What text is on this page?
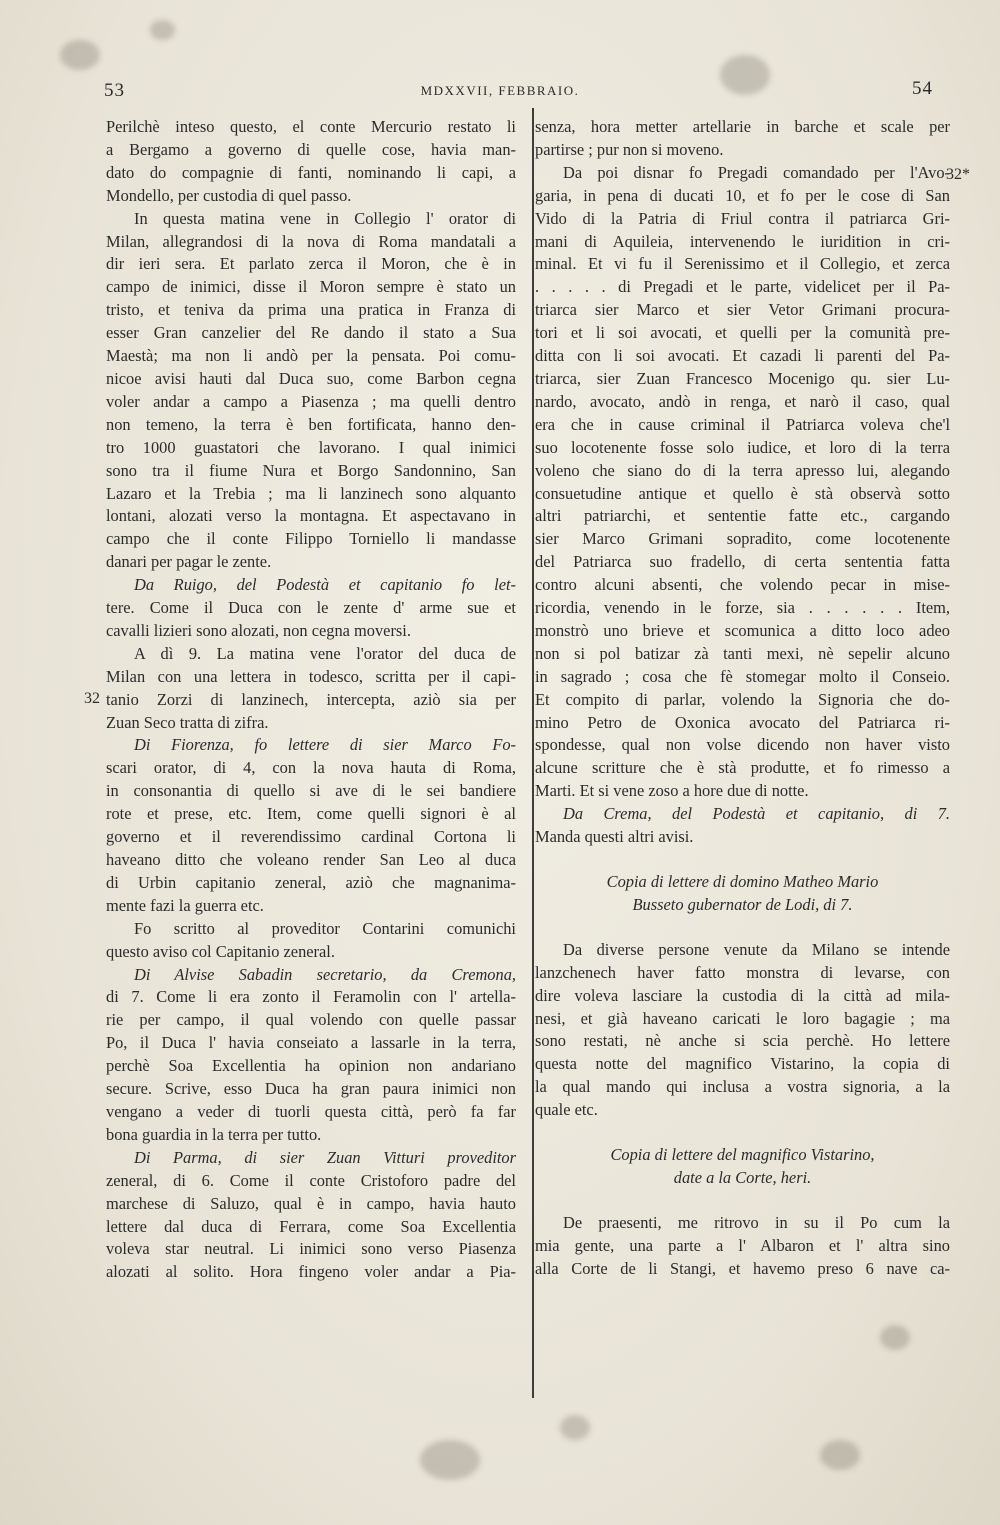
53	MDXXVII, FEBBRAIO.	54
32
32*

Perilchè inteso questo, el conte Mercurio restato li

a Bergamo a governo di quelle cose, havia man-

dato do compagnie di fanti, nominando li capi, a

Mondello, per custodia di quel passo.

In questa matina vene in Collegio l' orator di

Milan, allegrandosi di la nova di Roma mandatali a

dir ieri sera. Et parlato zerca il Moron, che è in

campo de inimici, disse il Moron sempre è stato un

tristo, et teniva da prima una pratica in Franza di

esser Gran canzelier del Re dando il stato a Sua

Maestà; ma non li andò per la pensata. Poi comu-

nicoe avisi hauti dal Duca suo, come Barbon cegna

voler andar a campo a Piasenza ; ma quelli dentro

non temeno, la terra è ben fortificata, hanno den-

tro 1000 guastatori che lavorano. I qual inimici

sono tra il fiume Nura et Borgo Sandonnino, San

Lazaro et la Trebia ; ma li lanzinech sono alquanto

lontani, alozati verso la montagna. Et aspectavano in

campo che il conte Filippo Torniello li mandasse

danari per pagar le zente.

Da Ruigo, del Podestà et capitanio fo let-

tere. Come il Duca con le zente d' arme sue et

cavalli lizieri sono alozati, non cegna moversi.

A dì 9. La matina vene l'orator del duca de

Milan con una lettera in todesco, scritta per il capi-

tanio Zorzi di lanzinech, intercepta, aziò sia per

Zuan Seco tratta di zifra.

Di Fiorenza, fo lettere di sier Marco Fo-

scari orator, di 4, con la nova hauta di Roma,

in consonantia di quello si ave di le sei bandiere

rote et prese, etc. Item, come quelli signori è al

governo et il reverendissimo cardinal Cortona li

haveano ditto che voleano render San Leo al duca

di Urbin capitanio zeneral, aziò che magnanima-

mente fazi la guerra etc.

Fo scritto al proveditor Contarini comunichi

questo aviso col Capitanio zeneral.

Di Alvise Sabadin secretario, da Cremona,

di 7. Come li era zonto il Feramolin con l' artella-

rie per campo, il qual volendo con quelle passar

Po, il Duca l' havia conseiato a lassarle in la terra,

perchè Soa Excellentia ha opinion non andariano

secure. Scrive, esso Duca ha gran paura inimici non

vengano a veder di tuorli questa città, però fa far

bona guardia in la terra per tutto.

Di Parma, di sier Zuan Vitturi proveditor

zeneral, di 6. Come il conte Cristoforo padre del

marchese di Saluzo, qual è in campo, havia hauto

lettere dal duca di Ferrara, come Soa Excellentia

voleva star neutral. Li inimici sono verso Piasenza

alozati al solito. Hora fingeno voler andar a Pia-

senza, hora metter artellarie in barche et scale per

partirse ; pur non si moveno.

Da poi disnar fo Pregadi comandado per l'Avo-

garia, in pena di ducati 10, et fo per le cose di San

Vido di la Patria di Friul contra il patriarca Gri-

mani di Aquileia, intervenendo le iuridition in cri-

minal. Et vi fu il Serenissimo et il Collegio, et zerca

. . . . . di Pregadi et le parte, videlicet per il Pa-

triarca sier Marco et sier Vetor Grimani procura-

tori et li soi avocati, et quelli per la comunità pre-

ditta con li soi avocati. Et cazadi li parenti del Pa-

triarca, sier Zuan Francesco Mocenigo qu. sier Lu-

nardo, avocato, andò in renga, et narò il caso, qual

era che in cause criminal il Patriarca voleva che'l

suo locotenente fosse solo iudice, et loro di la terra

voleno che siano do di la terra apresso lui, alegando

consuetudine antique et quello è stà observà sotto

altri patriarchi, et sententie fatte etc., cargando

sier Marco Grimani sopradito, come locotenente

del Patriarca suo fradello, di certa sententia fatta

contro alcuni absenti, che volendo pecar in mise-

ricordia, venendo in le forze, sia . . . . . . Item,

monstrò uno brieve et scomunica a ditto loco adeo

non si pol batizar zà tanti mexi, nè sepelir alcuno

in sagrado ; cosa che fè stomegar molto il Conseio.

Et compito di parlar, volendo la Signoria che do-

mino Petro de Oxonica avocato del Patriarca ri-

spondesse, qual non volse dicendo non haver visto

alcune scritture che è stà produtte, et fo rimesso a

Marti. Et si vene zoso a hore due di notte.

Da Crema, del Podestà et capitanio, di 7.

Manda questi altri avisi.

Copia di lettere di domino Matheo Mario

Busseto gubernator de Lodi, di 7.

Da diverse persone venute da Milano se intende

lanzchenech haver fatto monstra di levarse, con

dire voleva lasciare la custodia di la città ad mila-

nesi, et già haveano caricati le loro bagagie ; ma

sono restati, nè anche si scia perchè. Ho lettere

questa notte del magnifico Vistarino, la copia di

la qual mando qui inclusa a vostra signoria, a la

quale etc.

Copia di lettere del magnifico Vistarino,

date a la Corte, heri.

De praesenti, me ritrovo in su il Po cum la

mia gente, una parte a l' Albaron et l' altra sino

alla Corte de li Stangi, et havemo preso 6 nave ca-
